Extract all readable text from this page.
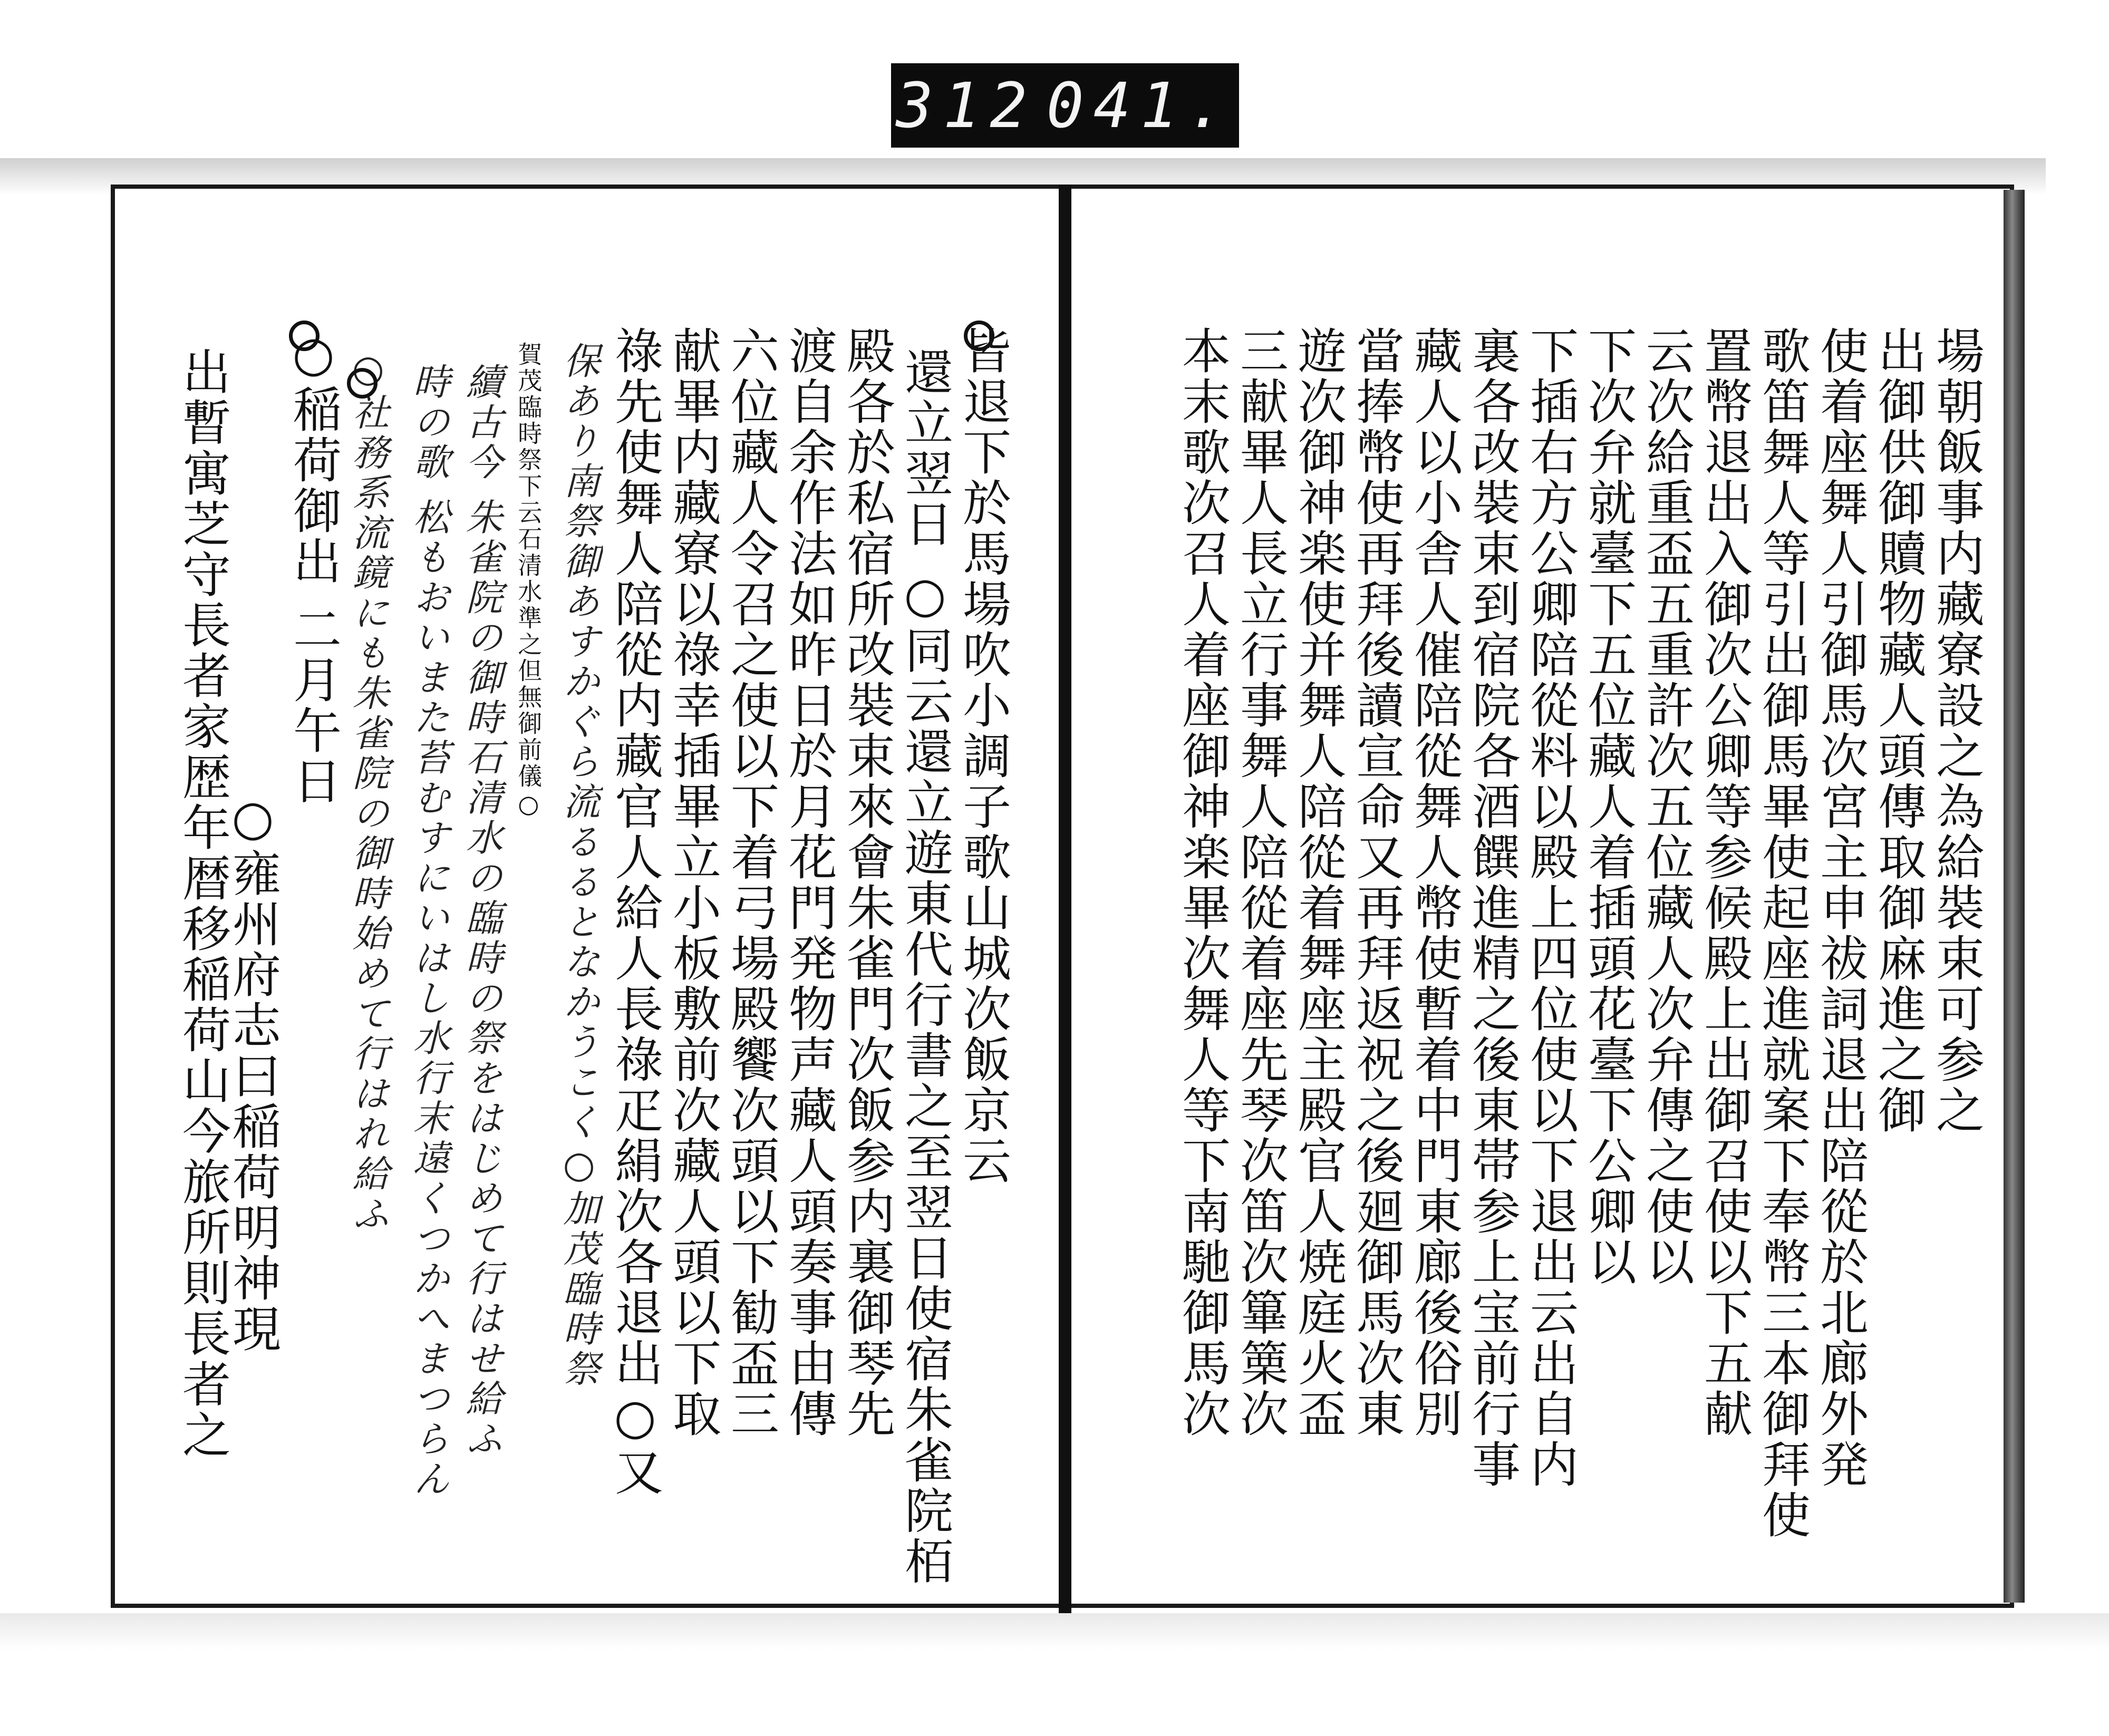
312 041.
皆退下於馬場吹小調子歌山城次飯京云
還立翌日 ○同云還立遊東代行書之至翌日使宿朱雀院栢
殿各於私宿所改裝束來會朱雀門次飯参内裏御琴先
渡自余作法如昨日於月花門発物声藏人頭奏事由傳
六位藏人令召之使以下着弓場殿饗次頭以下勧盃三
献畢内藏寮以祿幸插畢立小板敷前次藏人頭以下取
祿先使舞人陪從内藏官人給人長祿疋絹次各退出○又
保あり南祭御あすかぐら流るるとなかうこく○加茂臨時祭
賀茂臨時祭下云石清水準之但無御前儀○
續古今 朱雀院の御時石清水の臨時の祭をはじめて行はせ給ふ
時の歌 松もおいまた苔むすにいはし水行末遠くつかへまつらん
○社務系流鏡にも朱雀院の御時始めて行はれ給ふ
○稲荷御出 二月午日
出暫寓芝守長者家歴年暦移稲荷山今旅所則長者之
○雍州府志曰稲荷明神現	場朝飯事内藏寮設之為給裝束可参之
出御供御贖物藏人頭傳取御麻進之御
使着座舞人引御馬次宮主申祓詞退出陪從於北廊外発
歌笛舞人等引出御馬畢使起座進就案下奉幣三本御拜使
置幣退出入御次公卿等参候殿上出御召使以下五献
云次給重盃五重許次五位藏人次弁傳之使以
下次弁就臺下五位藏人着插頭花臺下公卿以
下插右方公卿陪從料以殿上四位使以下退出云出自内
裏各改裝束到宿院各酒饌進精之後東帯参上宝前行事
藏人以小舎人催陪從舞人幣使暫着中門東廊後俗別
當捧幣使再拜後讀宣命又再拜返祝之後廻御馬次東
遊次御神楽使并舞人陪從着舞座主殿官人焼庭火盃
三献畢人長立行事舞人陪從着座先琴次笛次篳篥次
本末歌次召人着座御神楽畢次舞人等下南馳御馬次
